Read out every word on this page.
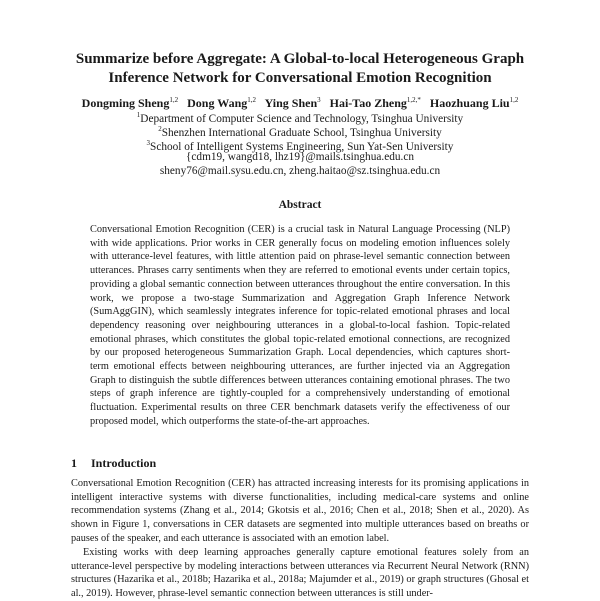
Summarize before Aggregate: A Global-to-local Heterogeneous Graph
Inference Network for Conversational Emotion Recognition
Dongming Sheng$^{1,2}$ Dong Wang$^{1,2}$ Ying Shen$^3$ Hai-Tao Zheng$^{1,2,*}$ Haozhuang Liu$^{1,2}$
$^1$Department of Computer Science and Technology, Tsinghua University
$^2$Shenzhen International Graduate School, Tsinghua University
$^3$School of Intelligent Systems Engineering, Sun Yat-Sen University
{cdm19, wangd18, lhz19}@mails.tsinghua.edu.cn
sheny76@mail.sysu.edu.cn, zheng.haitao@sz.tsinghua.edu.cn
Abstract
Conversational Emotion Recognition (CER) is a crucial task in Natural Language Processing (NLP) with wide applications. Prior works in CER generally focus on modeling emotion influences solely with utterance-level features, with little attention paid on phrase-level semantic connection between utterances. Phrases carry sentiments when they are referred to emotional events under certain topics, providing a global semantic connection between utterances throughout the entire conversation. In this work, we propose a two-stage Summarization and Aggregation Graph Inference Network (SumAggGIN), which seamlessly integrates inference for topic-related emotional phrases and local dependency reasoning over neighbouring utterances in a global-to-local fashion. Topic-related emotional phrases, which constitutes the global topic-related emotional connections, are recognized by our proposed heterogeneous Summarization Graph. Local dependencies, which captures short-term emotional effects between neighbouring utterances, are further injected via an Aggregation Graph to distinguish the subtle differences between utterances containing emotional phrases. The two steps of graph inference are tightly-coupled for a comprehensively understanding of emotional fluctuation. Experimental results on three CER benchmark datasets verify the effectiveness of our proposed model, which outperforms the state-of-the-art approaches.
1 Introduction
Conversational Emotion Recognition (CER) has attracted increasing interests for its promising applications in intelligent interactive systems with diverse functionalities, including medical-care systems and online recommendation systems (Zhang et al., 2014; Gkotsis et al., 2016; Chen et al., 2018; Shen et al., 2020). As shown in Figure 1, conversations in CER datasets are segmented into multiple utterances based on breaths or pauses of the speaker, and each utterance is associated with an emotion label.
Existing works with deep learning approaches generally capture emotional features solely from an utterance-level perspective by modeling interactions between utterances via Recurrent Neural Network (RNN) structures (Hazarika et al., 2018b; Hazarika et al., 2018a; Majumder et al., 2019) or graph structures (Ghosal et al., 2019). However, phrase-level semantic connection between utterances is still under-
